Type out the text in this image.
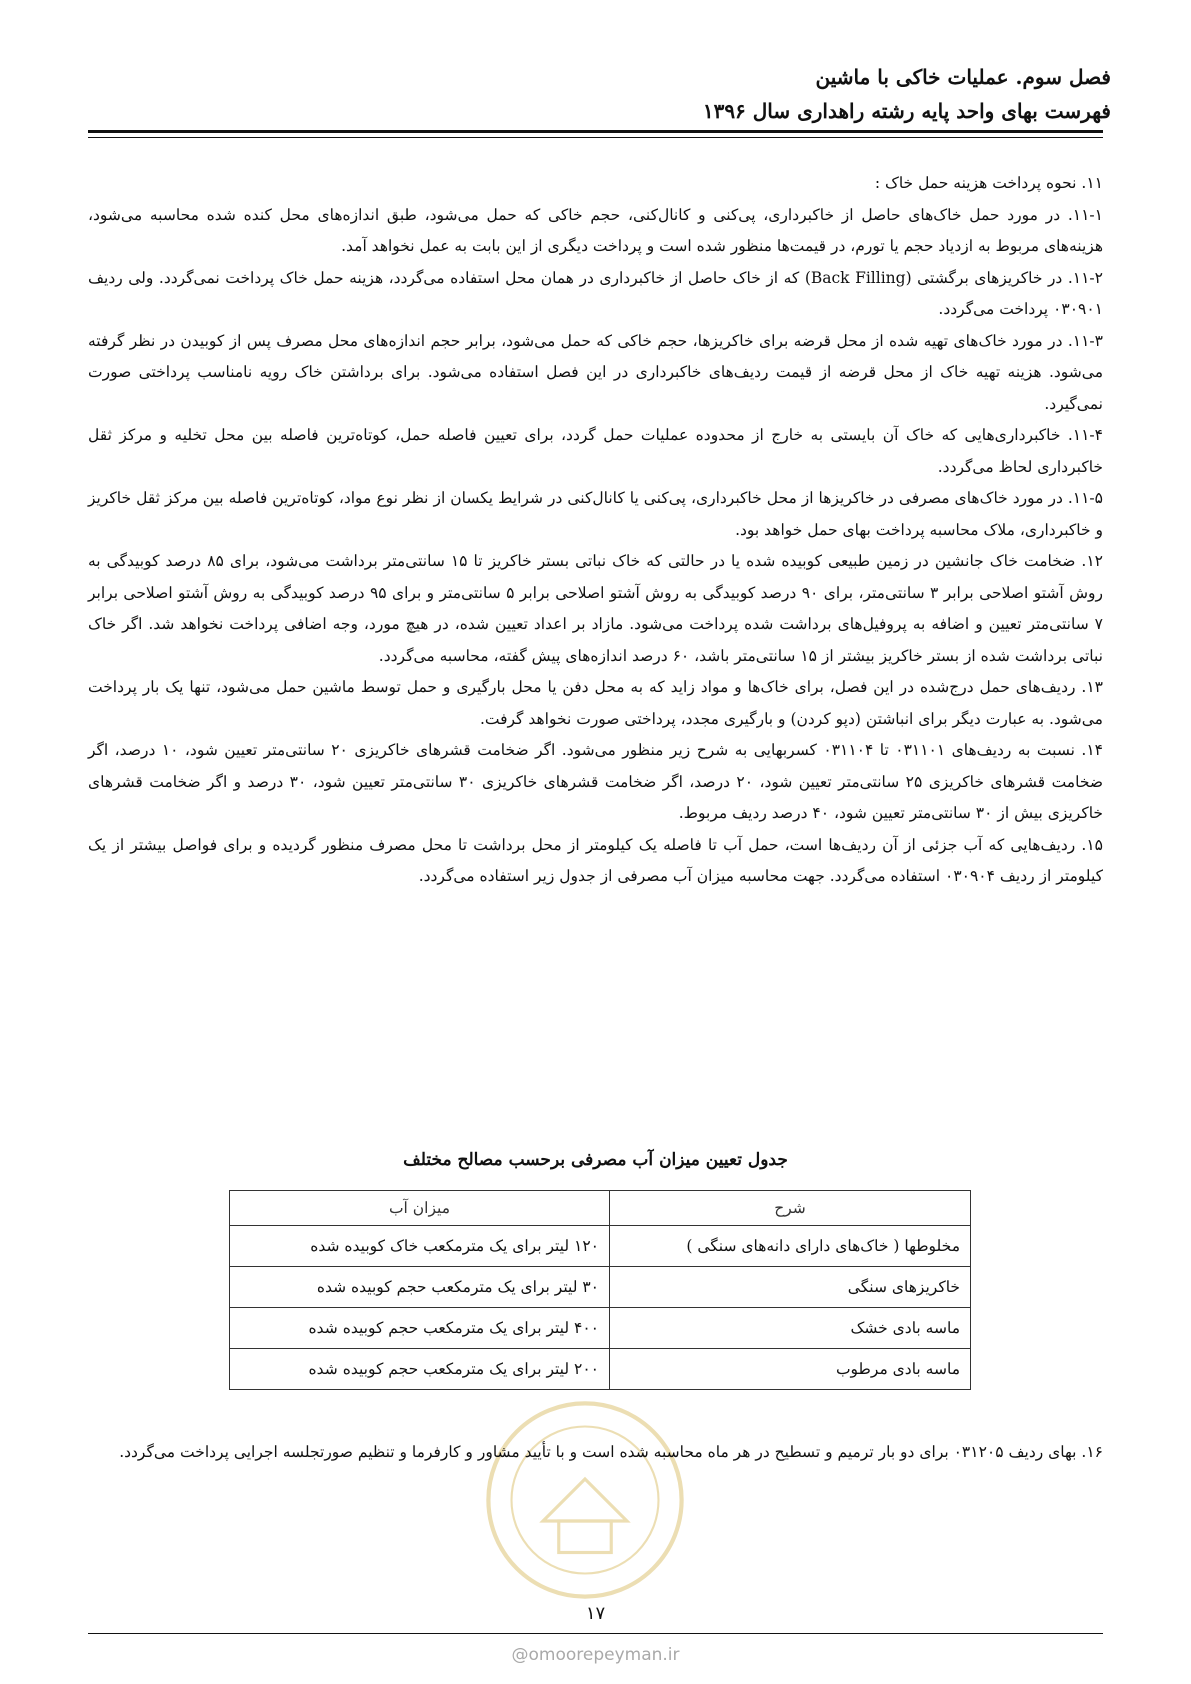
فصل سوم. عملیات خاکی با ماشین

فهرست بهای واحد پایه رشته راهداری سال ۱۳۹۶

۱۱. نحوه پرداخت هزینه حمل خاک :

۱۱-۱. در مورد حمل خاک‌های حاصل از خاکبرداری، پی‌کنی و کانال‌کنی، حجم خاکی که حمل می‌شود، طبق اندازه‌های محل کنده شده محاسبه می‌شود، هزینه‌های مربوط به ازدیاد حجم یا تورم، در قیمت‌ها منظور شده است و پرداخت دیگری از این بابت به عمل نخواهد آمد.

۱۱-۲. در خاکریزهای برگشتی (Back Filling) که از خاک حاصل از خاکبرداری در همان محل استفاده می‌گردد، هزینه حمل خاک پرداخت نمی‌گردد. ولی ردیف ۰۳۰۹۰۱ پرداخت می‌گردد.

۱۱-۳. در مورد خاک‌های تهیه شده از محل قرضه برای خاکریزها، حجم خاکی که حمل می‌شود، برابر حجم اندازه‌های محل مصرف پس از کوبیدن در نظر گرفته می‌شود. هزینه تهیه خاک از محل قرضه از قیمت ردیف‌های خاکبرداری در این فصل استفاده می‌شود. برای برداشتن خاک رویه نامناسب پرداختی صورت نمی‌گیرد.

۱۱-۴. خاکبرداری‌هایی که خاک آن بایستی به خارج از محدوده عملیات حمل گردد، برای تعیین فاصله حمل، کوتاه‌ترین فاصله بین محل تخلیه و مرکز ثقل خاکبرداری لحاظ می‌گردد.

۱۱-۵. در مورد خاک‌های مصرفی در خاکریزها از محل خاکبرداری، پی‌کنی یا کانال‌کنی در شرایط یکسان از نظر نوع مواد، کوتاه‌ترین فاصله بین مرکز ثقل خاکریز و خاکبرداری، ملاک محاسبه پرداخت بهای حمل خواهد بود.

۱۲. ضخامت خاک جانشین در زمین طبیعی کوبیده شده یا در حالتی که خاک نباتی بستر خاکریز تا ۱۵ سانتی‌متر برداشت می‌شود، برای ۸۵ درصد کوبیدگی به روش آشتو اصلاحی برابر ۳ سانتی‌متر، برای ۹۰ درصد کوبیدگی به روش آشتو اصلاحی برابر ۵ سانتی‌متر و برای ۹۵ درصد کوبیدگی به روش آشتو اصلاحی برابر ۷ سانتی‌متر تعیین و اضافه به پروفیل‌های برداشت شده پرداخت می‌شود. مازاد بر اعداد تعیین شده، در هیچ مورد، وجه اضافی پرداخت نخواهد شد. اگر خاک نباتی برداشت شده از بستر خاکریز بیشتر از ۱۵ سانتی‌متر باشد، ۶۰ درصد اندازه‌های پیش گفته، محاسبه می‌گردد.

۱۳. ردیف‌های حمل درج‌شده در این فصل، برای خاک‌ها و مواد زاید که به محل دفن یا محل بارگیری و حمل توسط ماشین حمل می‌شود، تنها یک بار پرداخت می‌شود. به عبارت دیگر برای انباشتن (دپو کردن) و بارگیری مجدد، پرداختی صورت نخواهد گرفت.

۱۴. نسبت به ردیف‌های ۰۳۱۱۰۱ تا ۰۳۱۱۰۴ کسربهایی به شرح زیر منظور می‌شود. اگر ضخامت قشرهای خاکریزی ۲۰ سانتی‌متر تعیین شود، ۱۰ درصد، اگر ضخامت قشرهای خاکریزی ۲۵ سانتی‌متر تعیین شود، ۲۰ درصد، اگر ضخامت قشرهای خاکریزی ۳۰ سانتی‌متر تعیین شود، ۳۰ درصد و اگر ضخامت قشرهای خاکریزی بیش از ۳۰ سانتی‌متر تعیین شود، ۴۰ درصد ردیف مربوط.

۱۵. ردیف‌هایی که آب جزئی از آن ردیف‌ها است، حمل آب تا فاصله یک کیلومتر از محل برداشت تا محل مصرف منظور گردیده و برای فواصل بیشتر از یک کیلومتر از ردیف ۰۳۰۹۰۴ استفاده می‌گردد. جهت محاسبه میزان آب مصرفی از جدول زیر استفاده می‌گردد.

جدول تعیین میزان آب مصرفی برحسب مصالح مختلف
شرح	میزان آب
مخلوطها ( خاک‌های دارای دانه‌های سنگی )	۱۲۰ لیتر برای یک مترمکعب خاک کوبیده شده
خاکریزهای سنگی	۳۰ لیتر برای یک مترمکعب حجم کوبیده شده
ماسه بادی خشک	۴۰۰ لیتر برای یک مترمکعب حجم کوبیده شده
ماسه بادی مرطوب	۲۰۰ لیتر برای یک مترمکعب حجم کوبیده شده

۱۶. بهای ردیف ۰۳۱۲۰۵ برای دو بار ترمیم و تسطیح در هر ماه محاسبه شده است و با تأیید مشاور و کارفرما و تنظیم صورتجلسه اجرایی پرداخت می‌گردد.

۱۷
@omoorepeyman.ir
